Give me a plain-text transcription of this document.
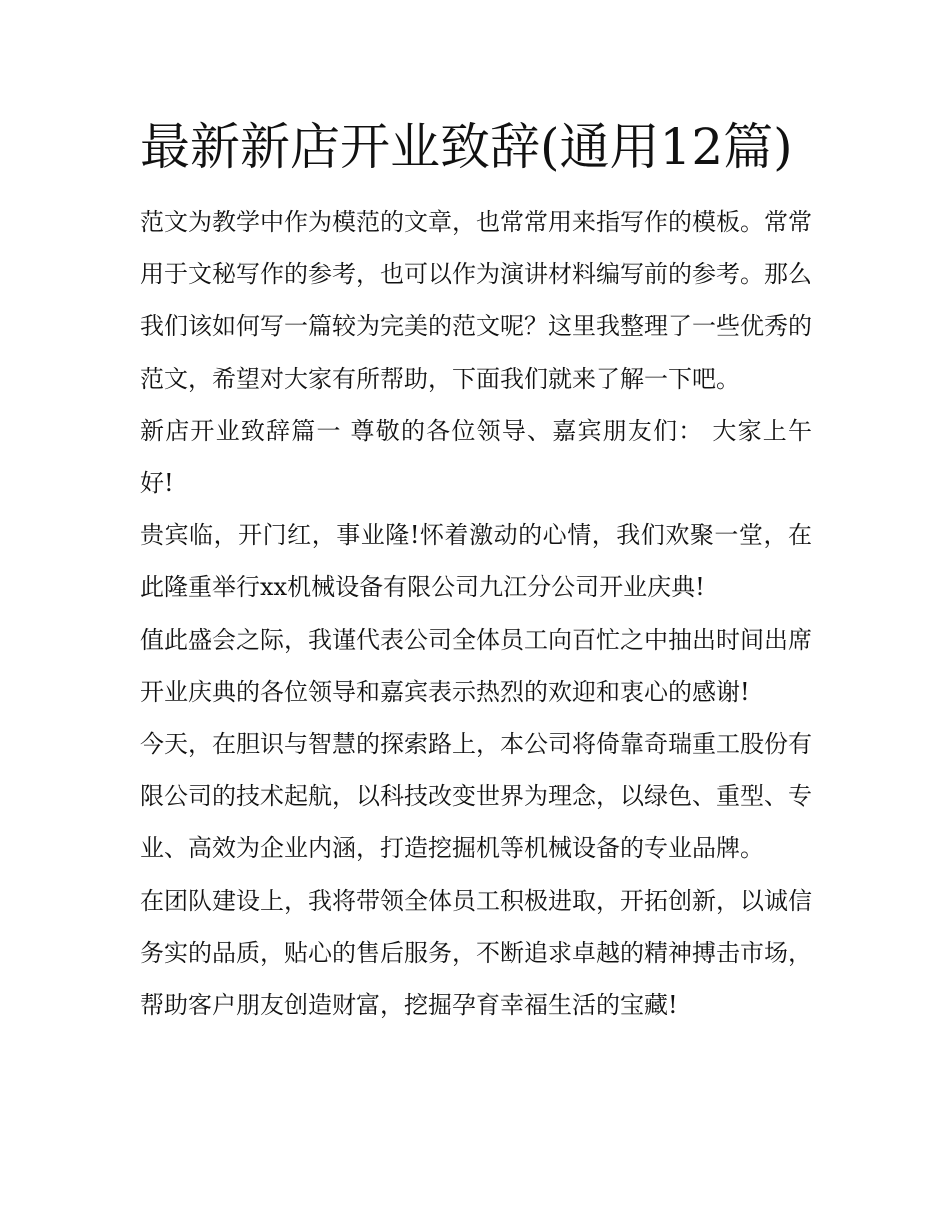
最新新店开业致辞(通用12篇)

范文为教学中作为模范的文章，也常常用来指写作的模板。常常用于文秘写作的参考，也可以作为演讲材料编写前的参考。那么我们该如何写一篇较为完美的范文呢？这里我整理了一些优秀的范文，希望对大家有所帮助，下面我们就来了解一下吧。

新店开业致辞篇一 尊敬的各位领导、嘉宾朋友们： 大家上午好!

贵宾临，开门红，事业隆!怀着激动的心情，我们欢聚一堂，在此隆重举行xx机械设备有限公司九江分公司开业庆典!

值此盛会之际，我谨代表公司全体员工向百忙之中抽出时间出席开业庆典的各位领导和嘉宾表示热烈的欢迎和衷心的感谢!

今天，在胆识与智慧的探索路上，本公司将倚靠奇瑞重工股份有限公司的技术起航，以科技改变世界为理念，以绿色、重型、专业、高效为企业内涵，打造挖掘机等机械设备的专业品牌。

在团队建设上，我将带领全体员工积极进取，开拓创新，以诚信务实的品质，贴心的售后服务，不断追求卓越的精神搏击市场，帮助客户朋友创造财富，挖掘孕育幸福生活的宝藏!
